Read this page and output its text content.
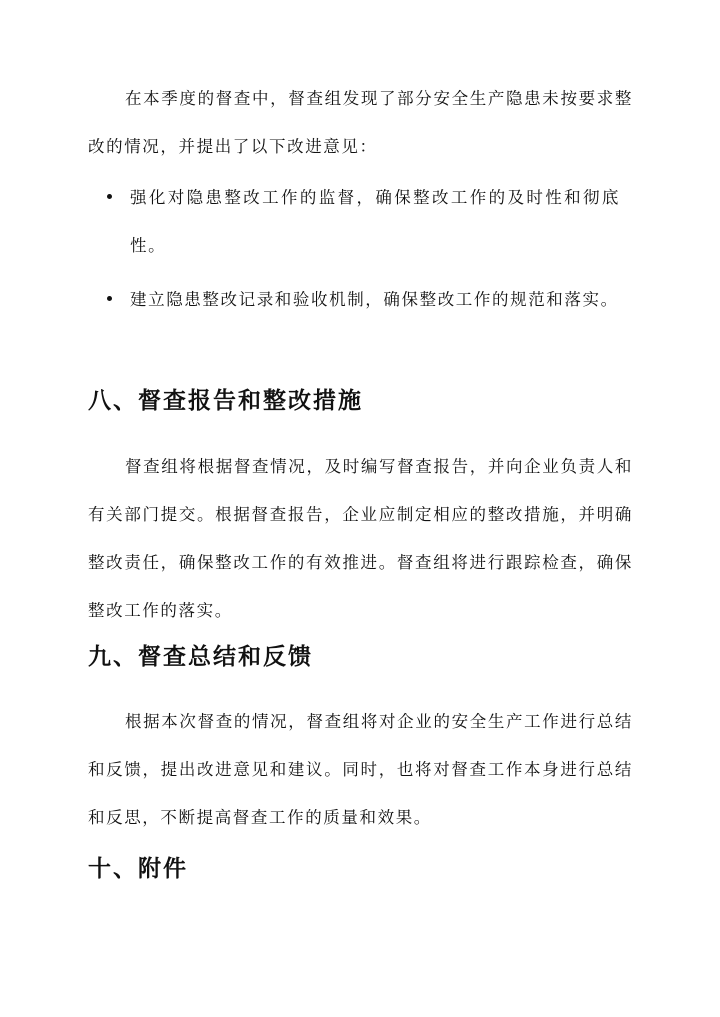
在本季度的督查中，督查组发现了部分安全生产隐患未按要求整改的情况，并提出了以下改进意见：

强化对隐患整改工作的监督，确保整改工作的及时性和彻底性。
建立隐患整改记录和验收机制，确保整改工作的规范和落实。
八、督查报告和整改措施

督查组将根据督查情况，及时编写督查报告，并向企业负责人和有关部门提交。根据督查报告，企业应制定相应的整改措施，并明确整改责任，确保整改工作的有效推进。督查组将进行跟踪检查，确保整改工作的落实。

九、督查总结和反馈

根据本次督查的情况，督查组将对企业的安全生产工作进行总结和反馈，提出改进意见和建议。同时，也将对督查工作本身进行总结和反思，不断提高督查工作的质量和效果。

十、附件
